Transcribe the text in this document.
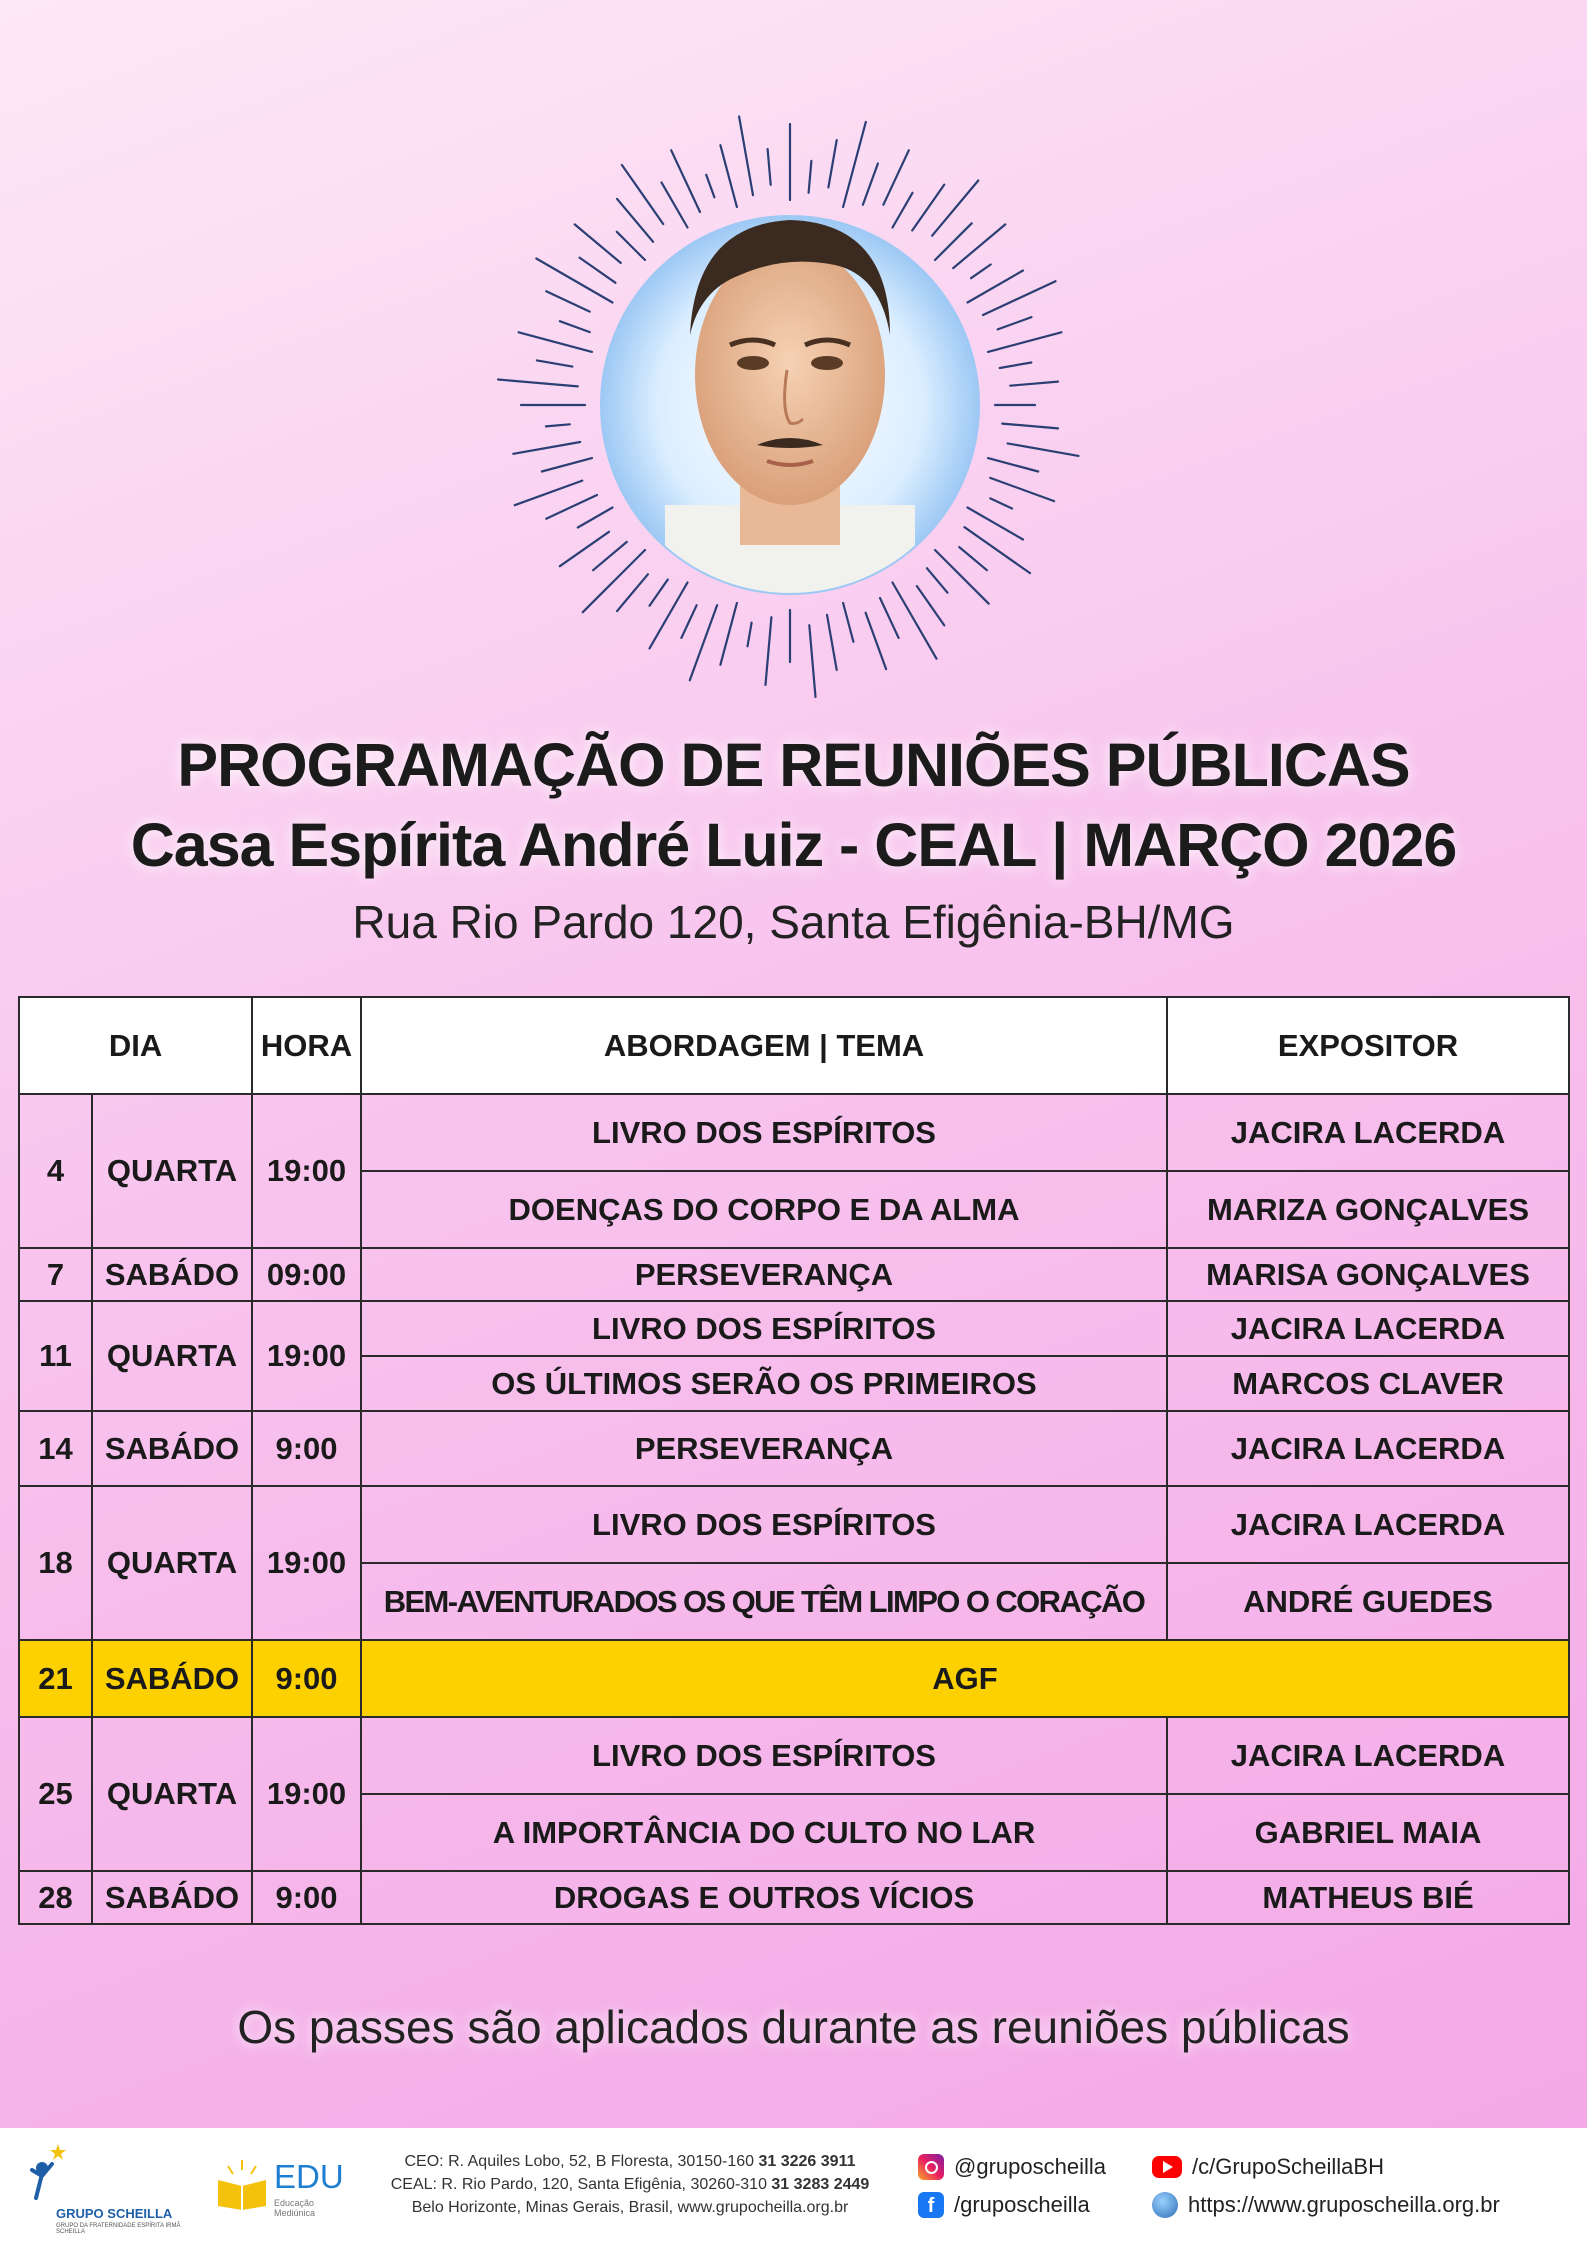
PROGRAMAÇÃO DE REUNIÕES PÚBLICAS
Casa Espírita André Luiz - CEAL | MARÇO 2026
Rua Rio Pardo 120, Santa Efigênia-BH/MG
DIA		HORA	ABORDAGEM | TEMA	EXPOSITOR
4	QUARTA	19:00	LIVRO DOS ESPÍRITOS	JACIRA LACERDA
			DOENÇAS DO CORPO E DA ALMA	MARIZA GONÇALVES
7	SABÁDO	09:00	PERSEVERANÇA	MARISA GONÇALVES
11	QUARTA	19:00	LIVRO DOS ESPÍRITOS	JACIRA LACERDA
			OS ÚLTIMOS SERÃO OS PRIMEIROS	MARCOS CLAVER
14	SABÁDO	9:00	PERSEVERANÇA	JACIRA LACERDA
18	QUARTA	19:00	LIVRO DOS ESPÍRITOS	JACIRA LACERDA
			BEM-AVENTURADOS OS QUE TÊM LIMPO O CORAÇÃO	ANDRÉ GUEDES
21	SABÁDO	9:00	AGF	
25	QUARTA	19:00	LIVRO DOS ESPÍRITOS	JACIRA LACERDA
			A IMPORTÂNCIA DO CULTO NO LAR	GABRIEL MAIA
28	SABÁDO	9:00	DROGAS E OUTROS VÍCIOS	MATHEUS BIÉ
Os passes são aplicados durante as reuniões públicas
GRUPO SCHEILLA
GRUPO DA FRATERNIDADE ESPÍRITA IRMÃ SCHEILLA
EDU
Educação Mediúnica
CEO: R. Aquiles Lobo, 52, B Floresta, 30150-160 31 3226 3911
CEAL: R. Rio Pardo, 120, Santa Efigênia, 30260-310 31 3283 2449
Belo Horizonte, Minas Gerais, Brasil, www.grupocheilla.org.br
@gruposcheilla
f /gruposcheilla
/c/GrupoScheillaBH
https://www.gruposcheilla.org.br
